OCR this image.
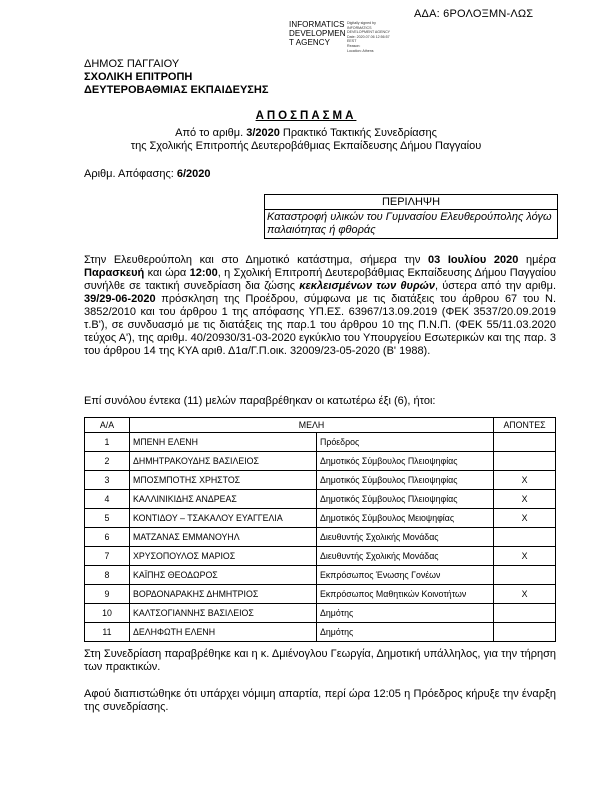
ΑΔΑ: 6ΡΟΛΟΞΜΝ-ΛΩΣ
INFORMATICS
DEVELOPMEN
T AGENCY
Digitally signed by
INFORMATICS
DEVELOPMENT AGENCY
Date: 2020.07.06 12:56:57
EEST
Reason:
Location: Athens
ΔΗΜΟΣ ΠΑΓΓΑΙΟΥ
ΣΧΟΛΙΚΗ ΕΠΙΤΡΟΠΗ
ΔΕΥΤΕΡΟΒΑΘΜΙΑΣ ΕΚΠΑΙΔΕΥΣΗΣ
ΑΠΟΣΠΑΣΜΑ
Από το αριθμ. 3/2020 Πρακτικό Τακτικής Συνεδρίασης
της Σχολικής Επιτροπής Δευτεροβάθμιας Εκπαίδευσης Δήμου Παγγαίου
Αριθμ. Απόφασης: 6/2020
ΠΕΡΙΛΗΨΗ
Καταστροφή υλικών του Γυμνασίου Ελευθερούπολης λόγω παλαιότητας ή φθοράς
Στην Ελευθερούπολη και στο Δημοτικό κατάστημα, σήμερα την 03 Ιουλίου 2020 ημέρα Παρασκευή και ώρα 12:00, η Σχολική Επιτροπή Δευτεροβάθμιας Εκπαίδευσης Δήμου Παγγαίου συνήλθε σε τακτική συνεδρίαση δια ζώσης κεκλεισμένων των θυρών, ύστερα από την αριθμ. 39/29-06-2020 πρόσκληση της Προέδρου, σύμφωνα με τις διατάξεις του άρθρου 67 του Ν. 3852/2010 και του άρθρου 1 της απόφασης ΥΠ.ΕΣ. 63967/13.09.2019 (ΦΕΚ 3537/20.09.2019 τ.Β'), σε συνδυασμό με τις διατάξεις της παρ.1 του άρθρου 10 της Π.Ν.Π. (ΦΕΚ 55/11.03.2020 τεύχος Α'), της αριθμ. 40/20930/31-03-2020 εγκύκλιο του Υπουργείου Εσωτερικών και της παρ. 3 του άρθρου 14 της ΚΥΑ αριθ. Δ1α/Γ.Π.οικ. 32009/23-05-2020 (Β' 1988).
Επί συνόλου έντεκα (11) μελών παραβρέθηκαν οι κατωτέρω έξι (6), ήτοι:
Α/Α	ΜΕΛΗ		ΑΠΟΝΤΕΣ
1	ΜΠΕΝΗ ΕΛΕΝΗ	Πρόεδρος	
2	ΔΗΜΗΤΡΑΚΟΥΔΗΣ ΒΑΣΙΛΕΙΟΣ	Δημοτικός Σύμβουλος Πλειοψηφίας	
3	ΜΠΟΣΜΠΟΤΗΣ ΧΡΗΣΤΟΣ	Δημοτικός Σύμβουλος Πλειοψηφίας	Χ
4	ΚΑΛΛΙΝΙΚΙΔΗΣ ΑΝΔΡΕΑΣ	Δημοτικός Σύμβουλος Πλειοψηφίας	Χ
5	ΚΟΝΤΙΔΟΥ – ΤΣΑΚΑΛΟΥ ΕΥΑΓΓΕΛΙΑ	Δημοτικός Σύμβουλος Μειοψηφίας	Χ
6	ΜΑΤΖΑΝΑΣ ΕΜΜΑΝΟΥΗΛ	Διευθυντής Σχολικής Μονάδας	
7	ΧΡΥΣΟΠΟΥΛΟΣ ΜΑΡΙΟΣ	Διευθυντής Σχολικής Μονάδας	Χ
8	ΚΑΪΠΗΣ ΘΕΟΔΩΡΟΣ	Εκπρόσωπος Ένωσης Γονέων	
9	ΒΟΡΔΟΝΑΡΑΚΗΣ ΔΗΜΗΤΡΙΟΣ	Εκπρόσωπος Μαθητικών Κοινοτήτων	Χ
10	ΚΑΛΤΣΟΓΙΑΝΝΗΣ ΒΑΣΙΛΕΙΟΣ	Δημότης	
11	ΔΕΛΗΦΩΤΗ ΕΛΕΝΗ	Δημότης	
Στη Συνεδρίαση παραβρέθηκε και η κ. Δμιένογλου Γεωργία, Δημοτική υπάλληλος, για την τήρηση των πρακτικών.
Αφού διαπιστώθηκε ότι υπάρχει νόμιμη απαρτία, περί ώρα 12:05 η Πρόεδρος κήρυξε την έναρξη της συνεδρίασης.
